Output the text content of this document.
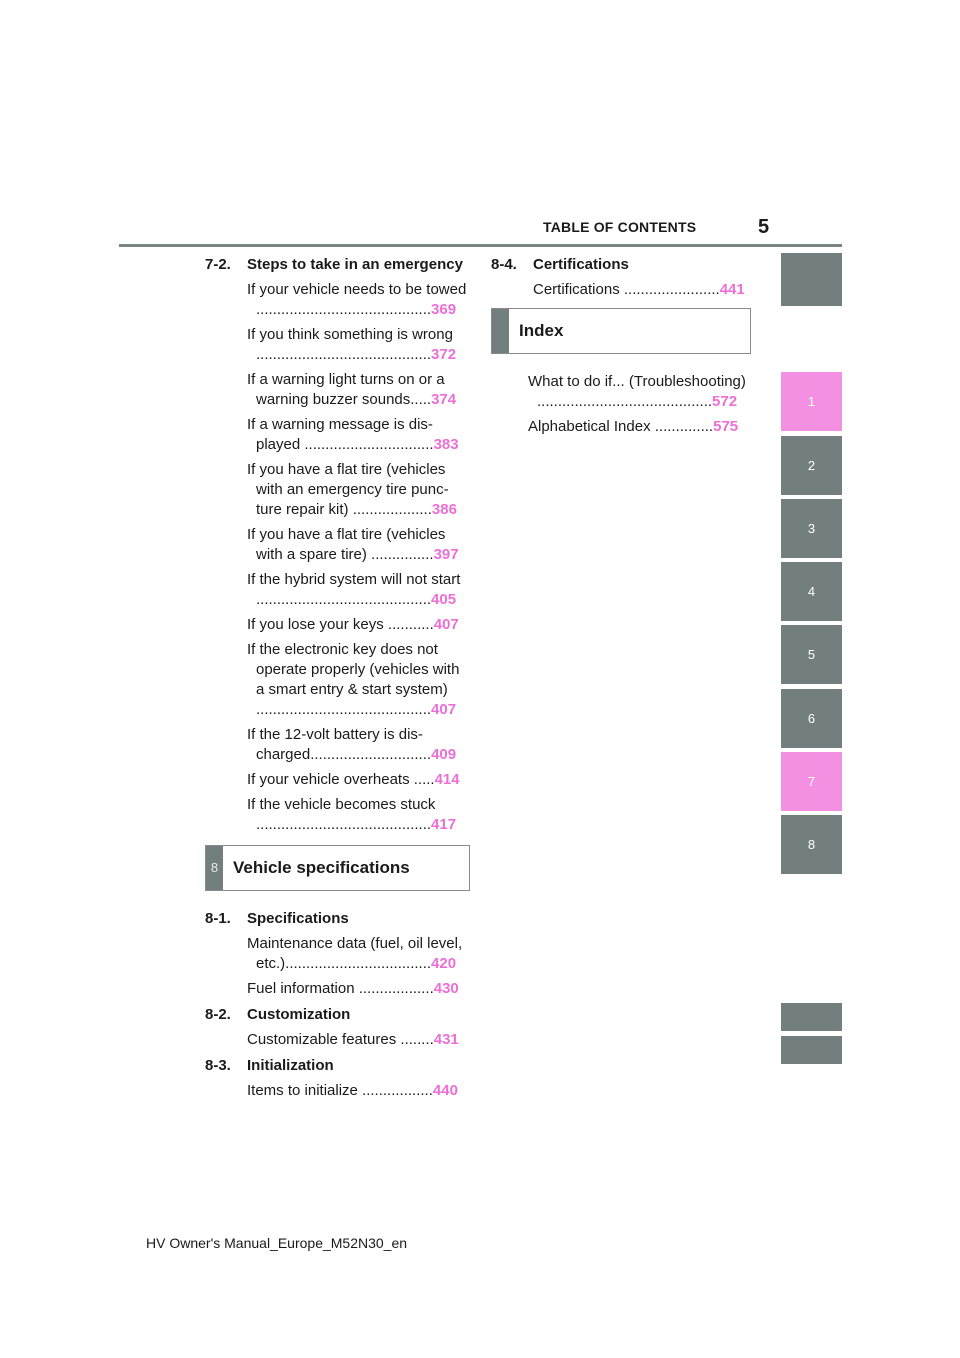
TABLE OF CONTENTS	5
7-2.	Steps to take in an emergency
If your vehicle needs to be towed ..........................................369
If you think something is wrong ..........................................372
If a warning light turns on or a warning buzzer sounds.....374
If a warning message is dis- played ...............................383
If you have a flat tire (vehicles with an emergency tire punc- ture repair kit) ...................386
If you have a flat tire (vehicles with a spare tire) ...............397
If the hybrid system will not start ..........................................405
If you lose your keys ...........407
If the electronic key does not operate properly (vehicles with a smart entry & start system) ..........................................407
If the 12-volt battery is dis- charged.............................409
If your vehicle overheats .....414
If the vehicle becomes stuck ..........................................417
8 Vehicle specifications
8-1.	Specifications
Maintenance data (fuel, oil level, etc.)...................................420
Fuel information ..................430
8-2.	Customization
Customizable features ........431
8-3.	Initialization
Items to initialize .................440
8-4.	Certifications
Certifications .......................441
Index
What to do if... (Troubleshooting) ..........................................572
Alphabetical Index ..............575
1
2
3
4
5
6
7
8
HV Owner's Manual_Europe_M52N30_en
